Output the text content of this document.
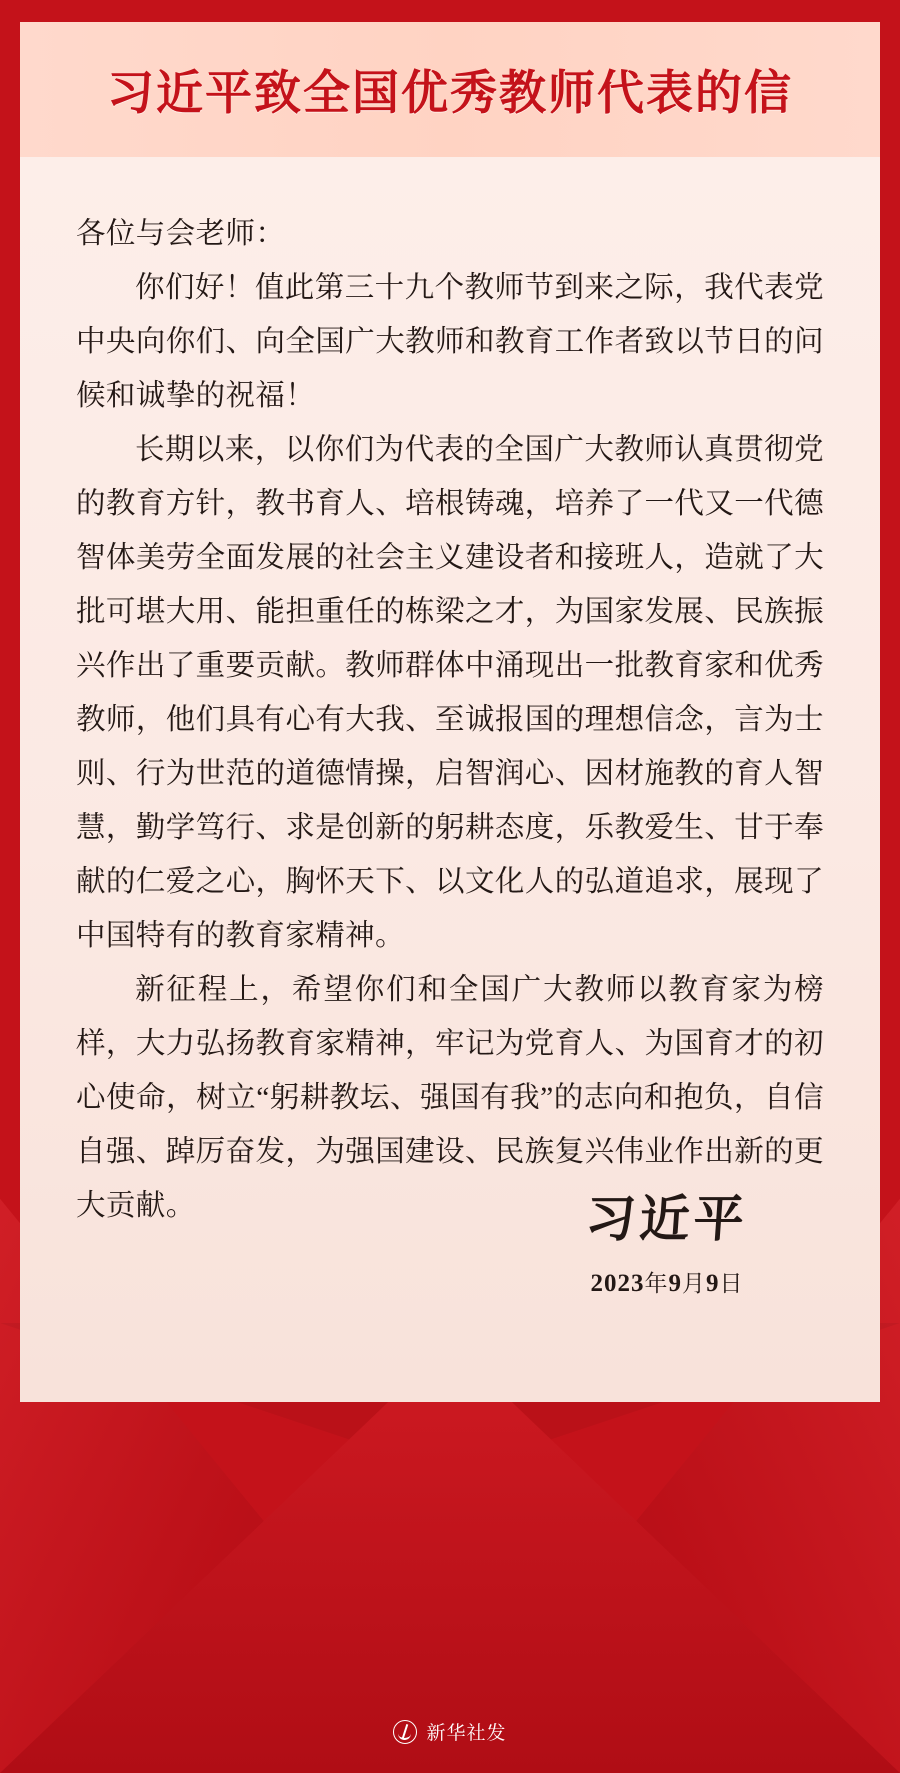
习近平致全国优秀教师代表的信

各位与会老师：

你们好！值此第三十九个教师节到来之际，我代表党中央向你们、向全国广大教师和教育工作者致以节日的问候和诚挚的祝福！

长期以来，以你们为代表的全国广大教师认真贯彻党的教育方针，教书育人、培根铸魂，培养了一代又一代德智体美劳全面发展的社会主义建设者和接班人，造就了大批可堪大用、能担重任的栋梁之才，为国家发展、民族振兴作出了重要贡献。教师群体中涌现出一批教育家和优秀教师，他们具有心有大我、至诚报国的理想信念，言为士则、行为世范的道德情操，启智润心、因材施教的育人智慧，勤学笃行、求是创新的躬耕态度，乐教爱生、甘于奉献的仁爱之心，胸怀天下、以文化人的弘道追求，展现了中国特有的教育家精神。

新征程上，希望你们和全国广大教师以教育家为榜样，大力弘扬教育家精神，牢记为党育人、为国育才的初心使命，树立“躬耕教坛、强国有我”的志向和抱负，自信自强、踔厉奋发，为强国建设、民族复兴伟业作出新的更大贡献。	习近平
2023年9月9日
新华社发
